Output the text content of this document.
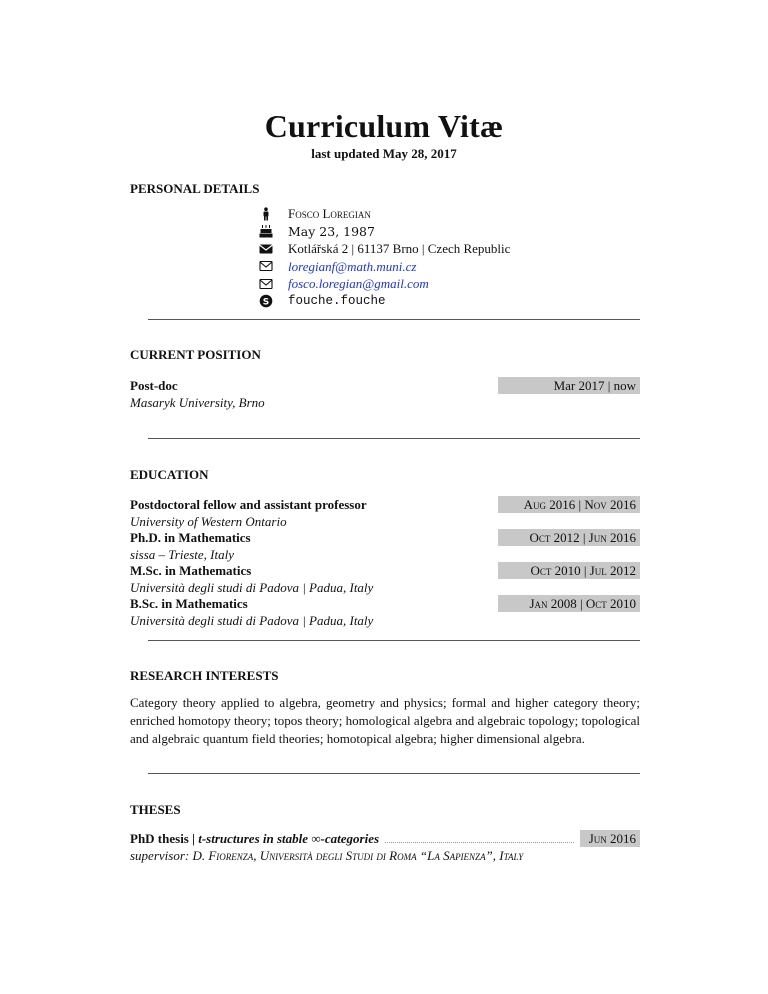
Curriculum Vitæ
last updated May 28, 2017
PERSONAL DETAILS
Fosco Loregian
May 23, 1987
Kotlářská 2 | 61137 Brno | Czech Republic
loregianf@math.muni.cz
fosco.loregian@gmail.com
S fouche.fouche
CURRENT POSITION
Post-doc
Masaryk University, Brno
Mar 2017 | now
EDUCATION
Postdoctoral fellow and assistant professor
University of Western Ontario
Aug 2016 | Nov 2016
Ph.D. in Mathematics
sissa – Trieste, Italy
Oct 2012 | Jun 2016
M.Sc. in Mathematics
Università degli studi di Padova | Padua, Italy
Oct 2010 | Jul 2012
B.Sc. in Mathematics
Università degli studi di Padova | Padua, Italy
Jan 2008 | Oct 2010
RESEARCH INTERESTS
Category theory applied to algebra, geometry and physics; formal and higher category theory; enriched homotopy theory; topos theory; homological algebra and algebraic topology; topological and algebraic quantum field theories; homotopical algebra; higher dimensional algebra.
THESES
PhD thesis | t-structures in stable ∞-categories	Jun 2016
supervisor: D. Fiorenza, Università degli Studi di Roma “La Sapienza”, Italy
